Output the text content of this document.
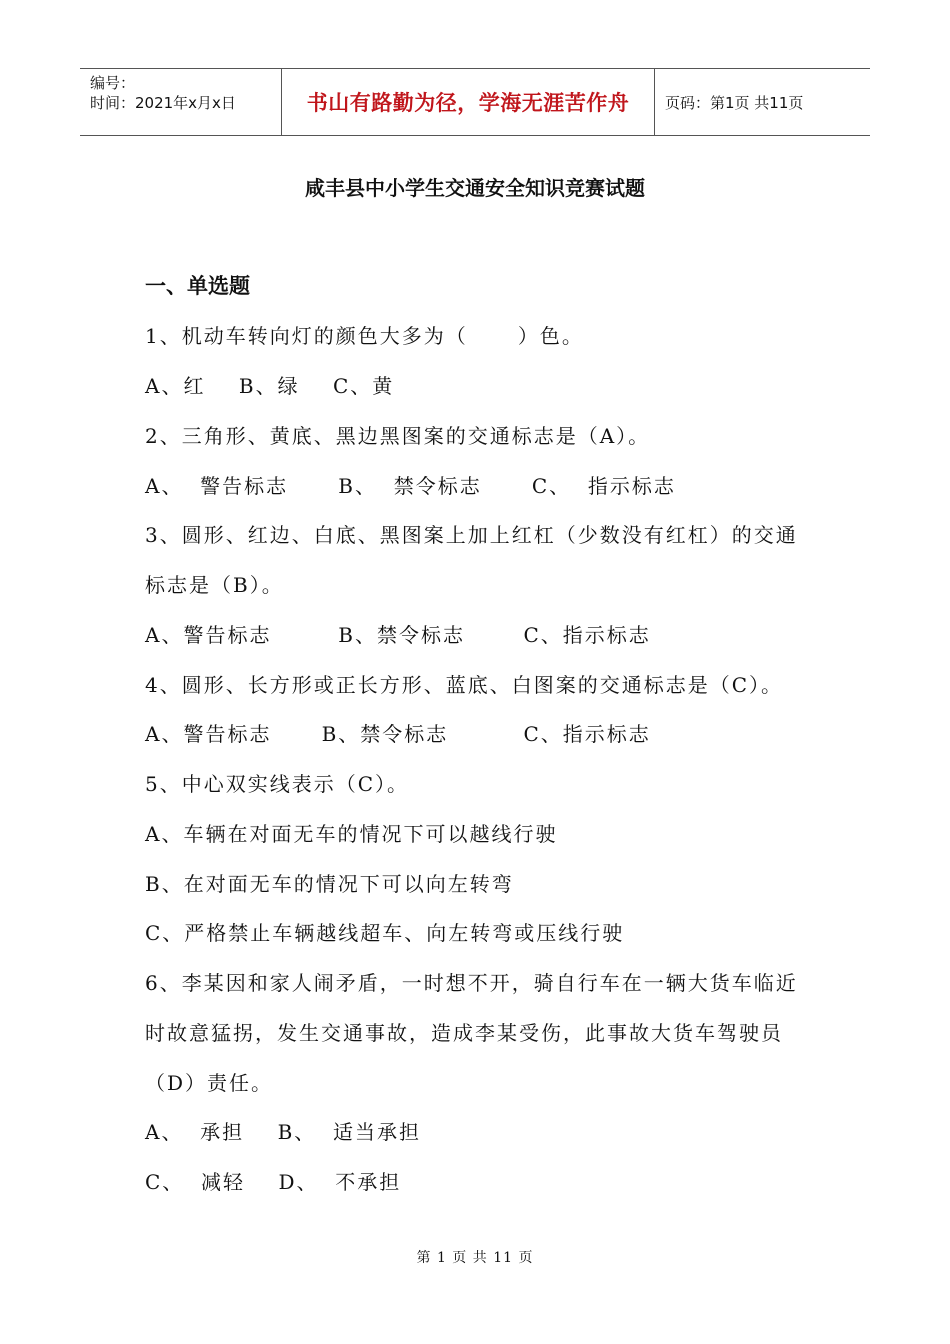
编号：
时间：2021年x月x日	书山有路勤为径，学海无涯苦作舟 页码：第1页 共11页
咸丰县中小学生交通安全知识竞赛试题
一、单选题
1、机动车转向灯的颜色大多为（      ）色。
A、红    B、绿    C、黄
2、三角形、黄底、黑边黑图案的交通标志是（A）。
A、  警告标志      B、  禁令标志      C、  指示标志
3、圆形、红边、白底、黑图案上加上红杠（少数没有红杠）的交通
标志是（B）。
A、警告标志        B、禁令标志       C、指示标志
4、圆形、长方形或正长方形、蓝底、白图案的交通标志是（C）。
A、警告标志      B、禁令标志         C、指示标志
5、中心双实线表示（C）。
A、车辆在对面无车的情况下可以越线行驶
B、在对面无车的情况下可以向左转弯
C、严格禁止车辆越线超车、向左转弯或压线行驶
6、李某因和家人闹矛盾，一时想不开，骑自行车在一辆大货车临近
时故意猛拐，发生交通事故，造成李某受伤，此事故大货车驾驶员
（D）责任。
A、  承担    B、  适当承担
C、  减轻    D、  不承担
第 1 页 共 11 页
